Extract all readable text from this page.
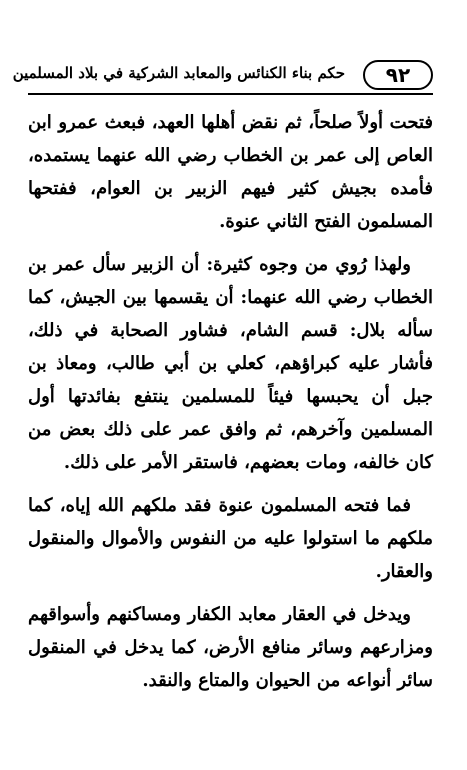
٩٢
حكم بناء الكنائس والمعابد الشركية في بلاد المسلمين

فتحت أولاً صلحاً، ثم نقض أهلها العهد، فبعث عمرو ابن العاص إلى عمر بن الخطاب رضي الله عنهما يستمده، فأمده بجيش كثير فيهم الزبير بن العوام، ففتحها المسلمون الفتح الثاني عنوة.

ولهذا رُوي من وجوه كثيرة: أن الزبير سأل عمر بن الخطاب رضي الله عنهما: أن يقسمها بين الجيش، كما سأله بلال: قسم الشام، فشاور الصحابة في ذلك، فأشار عليه كبراؤهم، كعلي بن أبي طالب، ومعاذ بن جبل أن يحبسها فيئاً للمسلمين ينتفع بفائدتها أول المسلمين وآخرهم، ثم وافق عمر على ذلك بعض من كان خالفه، ومات بعضهم، فاستقر الأمر على ذلك.

فما فتحه المسلمون عنوة فقد ملكهم الله إياه، كما ملكهم ما استولوا عليه من النفوس والأموال والمنقول والعقار.

ويدخل في العقار معابد الكفار ومساكنهم وأسواقهم ومزارعهم وسائر منافع الأرض، كما يدخل في المنقول سائر أنواعه من الحيوان والمتاع والنقد.
